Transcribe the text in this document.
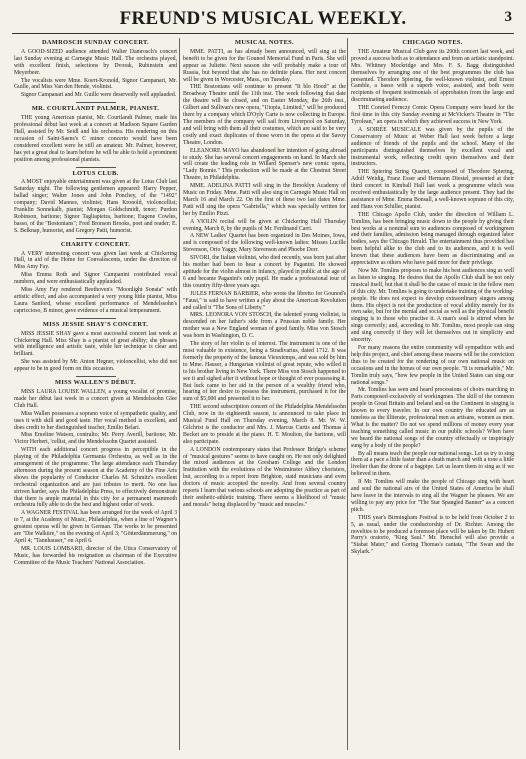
FREUND'S MUSICAL WEEKLY.	3
DAMROSCH SUNDAY CONCERT.

A GOOD-SIZED audience attended Walter Damrosch's concert last Sunday evening at Carnegie Music Hall. The orchestra played, with excellent finish, selections by Dvorak, Rubinstein and Meyerbeer.

The vocalists were Mme. Koert-Kronold, Signor Campanari, Mr. Guille, and Miss Van den Hende, violinist.

Signor Campanari and Mr. Guille were deservedly well applauded.

MR. COURTLANDT PALMER, PIANIST.

THE young American pianist, Mr. Courtlandt Palmer, made his professional début last week at a concert at Madison Square Garden Hall, assisted by Mr. Seidl and his orchestra. His rendering on this occasion of Saint-Saens's C minor concerto would have been considered excellent were he still an amateur. Mr. Palmer, however, has yet a great deal to learn before he will be able to hold a prominent position among professional pianists.

LOTUS CLUB.

A MOST enjoyable entertainment was given at the Lotus Club last Saturday night. The following gentlemen appeared: Harry Pepper, ballad singer; Walter Jones and John Ponchey, of the "1492" company; David Mannes, violinist; Hans Kronold, violoncellist; Franklin Sonnekalb, pianist; Morgan Goldschmidt, tenor; Purdon Robinson, baritone; Signor Tagliapietra, baritone; Eugene Cowles, basso, of the "Bostonians"; Fred Bronson Brooks, poet and reader; E. S. Belknap, humorist, and Gregory Patti, humorist.

CHARITY CONCERT.

A VERY interesting concert was given last week at Chickering Hall, in aid of the Home for Convalescents, under the direction of Miss Amy Fay.

Miss Emma Roth and Signor Campanini contributed vocal numbers, and were enthusiastically applauded.

Miss Amy Fay rendered Beethoven's "Moonlight Sonata" with artistic effect, and also accompanied a very young little pianist, Miss Laura Sanford, whose excellent performance of Mendelssohn's capriccioso, B minor, gave evidence of a musical temperament.

MISS JESSIE SHAY'S CONCERT.

MISS JESSIE SHAY gave a most successful concert last week at Chickering Hall. Miss Shay is a pianist of great ability; she phrases with intelligence and artistic taste, while her technique is clear and brilliant.

She was assisted by Mr. Anton Hegner, violoncellist, who did not appear to be in good form on this occasion.

MISS WALLEN'S DÉBUT.

MISS LAURA LOUISE WALLEN, a young vocalist of promise, made her début last week in a concert given at Mendelssohn Glee Club Hall.

Miss Wallen possesses a soprano voice of sympathetic quality, and uses it with skill and good taste. Her vocal method is excellent, and does credit to her distinguished teacher, Emilio Belari.

Miss Emeline Watson, contralto; Mr. Perry Averill, baritone; Mr. Victor Herbert, 'cellist, and the Mendelssohn Quartet assisted.

WITH each additional concert progress in perceptible in the playing of the Philadelphia Germania Orchestra, as well as in the arrangement of the programme. The large attendance each Thursday afternoon during the present season at the Academy of the Fine Arts shows the popularity of Conductor Charles M. Schmitz's excellent orchestral organization and are just tributes to merit. No one has striven harder, says the Philadelphia Press, to effectively demonstrate that there is ample material in this city for a permanent mammoth orchestra fully able to do the best and highest order of work.

A WAGNER FESTIVAL has been arranged for the week of April 3 to 7, at the Academy of Music, Philadelphia, when a line of Wagner's greatest operas will be given in German. The works to be presented are "Die Walküre," on the evening of April 3; "Götterdämmerung," on April 4; "Tannhauser," on April 6.

MR. LOUIS LOMBARD, director of the Utica Conservatory of Music, has forwarded his resignation as chairman of the Executive Committee of the Music Teachers' National Association.

MUSICAL NOTES.

MME. PATTI, as has already been announced, will sing at the benefit to be given for the Gounod Memorial Fund in Paris. She will appear as Juliette. Next season she will probably make a tour of Russia, but beyond that she has no definite plans. Her next concert will be given in Worcester, Mass., on Tuesday.

THE Bostonians will continue to present "It blo Hood" at the Broadway Theatre until the 11th inst. The week following that date the theatre will be closed, and on Easter Monday, the 26th inst., Gilbert and Sullivan's new opera, "Utopia, Limited," will be produced there by a company which D'Oyly Carte is now collecting in Europe. The members of the company will sail from Liverpool on Saturday, and will bring with them all their costumes, which are said to be very costly and exact duplicates of those worn in the opera at the Savoy Theatre, London.

ELEANORE MAYO has abandoned her intention of going abroad to study. She has several concert engagements on hand. In March she will create the leading role in Willard Spenser's new comic opera, "Lady Bonnie." This production will be made at the Chestnut Street Theatre, in Philadelphia.

MME. ADELINA PATTI will sing in the Brooklyn Academy of Music on Friday. Mme. Patti will also sing in Carnegie Music Hall on March 16 and March 22. On the first of these two last dates Mme. Patti will sing the opera "Gabriella," which was specially written for her by Emilio Pizzi.

A VIOLIN recital will be given at Chickering Hall Thursday evening, March 8, by the pupils of Mr. Ferdinand Carri.

A NEW Ladies' Quartet has been organized in Des Moines, Iowa, and is composed of the following well-known ladies: Misses Lucille Stevenson, Orio Yaggy, Mary Stevenson and Phoebe Dorr.

SIVORI, the Italian violinist, who died recently, was born just after his mother had been to hear a concert by Paganini. He showed aptitude for the violin almost in infancy, played in public at the age of 6 and became Paganini's only pupil. He made a professional tour of this country fifty-three years ago.

JULES FERNAN BARBIER, who wrote the libretto for Gounod's "Faust," is said to have written a play about the American Revolution and called it "The Sons of Liberty."

MRS. LEONORA VON STOSCH, the talented young violinist, is descended on her father's side from a Prussian noble family. Her mother was a New England woman of good family. Miss von Stosch was born in Washington, D. C.

The story of her violin is of interest. The instrument is one of the most valuable in existence, being a Stradivarius, dated 1712. It was formerly the property of the famous Vieuxtemps, and was sold by him to Mme. Hauser, a Hungarian violinist of great repute, who willed it to his brother living in New York. There Miss von Stosch happened to see it and sighed after it without hope or thought of ever possessing it. But luck came to her aid in the person of a wealthy friend who, hearing of her desire to possess the instrument, purchased it for the sum of $5,000 and presented it to her.

THE second subscription concert of the Philadelphia Mendelssohn Club, now in its eighteenth season, is announced to take place in Musical Fund Hall on Thursday evening, March 8. Mr. W. W. Gilchrist is the conductor and Mrs. J. Marcus Curtis and Thomas à Becket are to preside at the piano. H. T. Moulton, the baritone, will also participate.

A LONDON contemporary states that Professor Bridge's scheme of "musical gestures" seems to have caught on. He not only delighted the mixed audiences at the Gresham College and the London Institution with the evolutions of the Westminster Abbey choristers, but, according to a report from Brighton, staid musicians and even doctors of music accepted the novelty. And from several country reports I learn that various schools are adopting the practice as part of their æsthetic-athletic training. There seems a likelihood of "music and morals" being displaced by "music and muscles."

CHICAGO NOTES.

THE Amateur Musical Club gave its 200th concert last week, and proved a success both as to attendance and from an artistic standpoint. Mrs. Whitney Mockridge and Mrs. F. S. Bagg distinguished themselves by arranging one of the best programmes the club has presented. Theodore Spiering, the well-known violinist, and Ernest Gamble, a basso with a superb voice, assisted, and both were recipients of frequent testimonials of approbation from the large and discriminating audience.

THE Conried Fernczy Comic Opera Company were heard for the first time in this city Sunday evening at McVicker's Theatre in "The Tyrolean," an opera in which they achieved success in New York.

A SOIRÉE MUSICALE was given by the pupils of the Conservatory of Music at Weber Hall last week before a large audience of friends of the pupils and the school. Many of the participants distinguished themselves by excellent vocal and instrumental work, reflecting credit upon themselves and their instructors.

THE Spiering String Quartet, composed of Theodore Spiering, Adolf Weidig, Franz Esser and Hermann Diestel, presented at their third concert in Kimball Hall last week a programme which was received enthusiastically by the large audience present. They had the assistance of Mme. Emma Bonsall, a well-known soprano of this city, and Hans von Schiller, pianist.

THE Chicago Apollo Club, under the direction of William L. Tomlins, has been bringing music down to the people by giving their best works at a nominal sum to audiences composed of workingmen and their families, admission being managed through organized labor bodies, says the Chicago Herald. The entertainment thus provided has been helpful alike to the club and to its audiences, and it is well known that these audiences have been as discriminating and as appreciative as others who have paid more for their privilege.

Now Mr. Tomlins proposes to make his best audiences sing as well as listen to singing. He desires that the Apollo Club shall be not only musical itself, but that it shall be the cause of music in the fellow men of this city. Mr. Tomlins is going to undertake training of the working-people. He does not expect to develop extraordinary singers among them. His object is not the production of vocal ability merely for its own sake, but for the mental and social as well as the physical benefit singing is to those who practise it. A man's soul is stirred when he sings correctly; and, according to Mr. Tomlins, most people can sing and sing correctly if they will let themselves out in simplicity and sincerity.

For many reasons the entire community will sympathize with and help this project, and chief among these reasons will be the conviction thus to be created for the rendering of our own national music on occasions and in the homes of our own people. "It is remarkable," Mr. Tomlin truly says, "how few people in the United States can sing our national songs."

Mr. Tomlins has seen and heard processions of choirs marching in Paris composed exclusively of workingmen. The skill of the common people in Great Britain and Ireland and on the Continent in singing is known to every traveler. In our own country the educated are as tuneless as the illiterate, professional men as artisans, women as men. What is the matter? Do not we spend millions of money every year teaching something called music in our public schools? When have we heard the national songs of the country effectually or inspiringly sung by a body of the people?

By all means teach the people our national songs. Let us try to sing them at a pace a little faster than a death march and with a tone a little livelier than the drone of a bagpipe. Let us learn them to sing as if we believed in them.

If Mr. Tomlins will make the people of Chicago sing with heart and soul the national airs of the United States of America he shall have leave in the intervals to sing all the Wagner he pleases. We are willing to pay any price for "The Star Spangled Banner" as a concert pitch.

THIS year's Birmingham Festival is to be held from October 2 to 5, as usual, under the conductorship of Dr. Richter. Among the novelties to be produced a foremost place will be taken by Dr. Hubert Parry's oratorio, "King Saul." Mr. Henschel will also provide a "Stabat Mater," and Goring Thomas's cantata, "The Swan and the Skylark."
